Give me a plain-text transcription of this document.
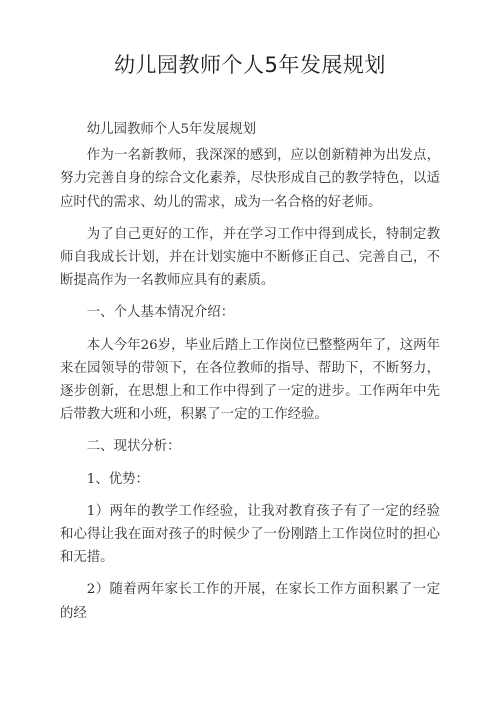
幼儿园教师个人5年发展规划

幼儿园教师个人5年发展规划

作为一名新教师，我深深的感到，应以创新精神为出发点，努力完善自身的综合文化素养，尽快形成自己的教学特色，以适应时代的需求、幼儿的需求，成为一名合格的好老师。

为了自己更好的工作，并在学习工作中得到成长，特制定教师自我成长计划，并在计划实施中不断修正自己、完善自己，不断提高作为一名教师应具有的素质。

一、个人基本情况介绍：

本人今年26岁，毕业后踏上工作岗位已整整两年了，这两年来在园领导的带领下，在各位教师的指导、帮助下，不断努力，逐步创新，在思想上和工作中得到了一定的进步。工作两年中先后带教大班和小班，积累了一定的工作经验。

二、现状分析：

1、优势：

1）两年的教学工作经验，让我对教育孩子有了一定的经验和心得让我在面对孩子的时候少了一份刚踏上工作岗位时的担心和无措。

2）随着两年家长工作的开展，在家长工作方面积累了一定的经
